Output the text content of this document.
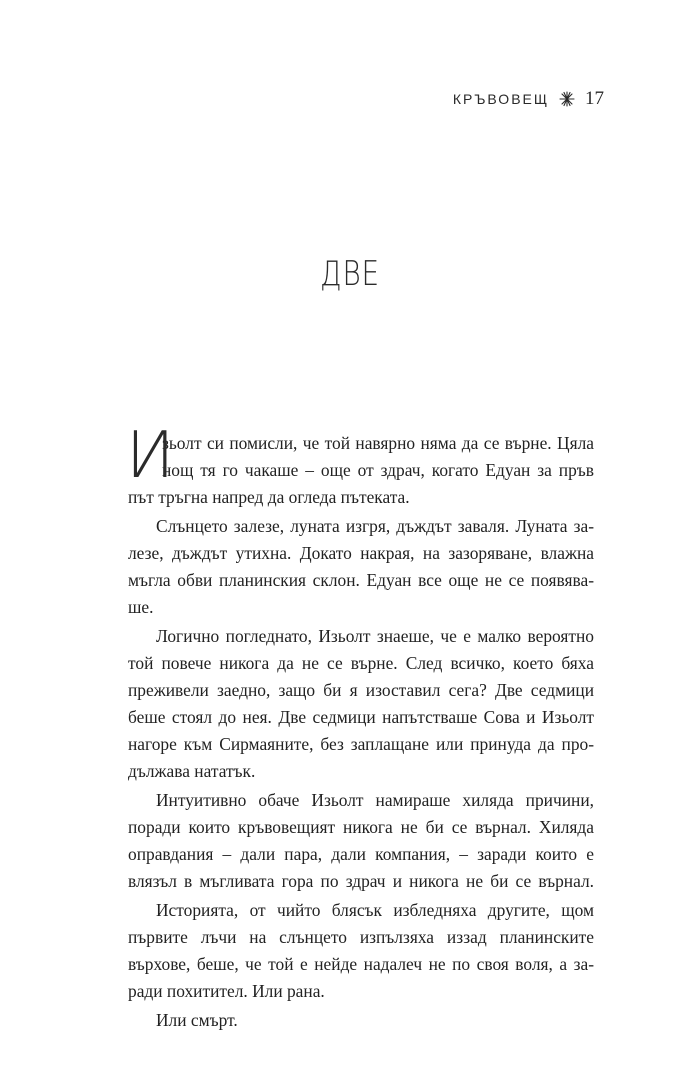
КРЪВОВЕЩ 17
ДВЕ
И
зьолт си помисли, че той навярно няма да се върне. Цяла
нощ тя го чакаше – още от здрач, когато Едуан за пръв
път тръгна напред да огледа пътеката.
Слънцето залезе, луната изгря, дъждът заваля. Луната за-
лезе, дъждът утихна. Докато накрая, на зазоряване, влажна
мъгла обви планинския склон. Едуан все още не се появява-
ше.
Логично погледнато, Изьолт знаеше, че е малко вероятно
той повече никога да не се върне. След всичко, което бяха
преживели заедно, защо би я изоставил сега? Две седмици
беше стоял до нея. Две седмици напътстваше Сова и Изьолт
нагоре към Сирмаяните, без заплащане или принуда да про-
дължава нататък.
Интуитивно обаче Изьолт намираше хиляда причини,
поради които кръвовещият никога не би се върнал. Хиляда
оправдания – дали пара, дали компания, – заради които е
влязъл в мъгливата гора по здрач и никога не би се върнал.
Историята, от чийто блясък избледняха другите, щом
първите лъчи на слънцето изпълзяха иззад планинските
върхове, беше, че той е нейде надалеч не по своя воля, а за-
ради похитител. Или рана.
Или смърт.
